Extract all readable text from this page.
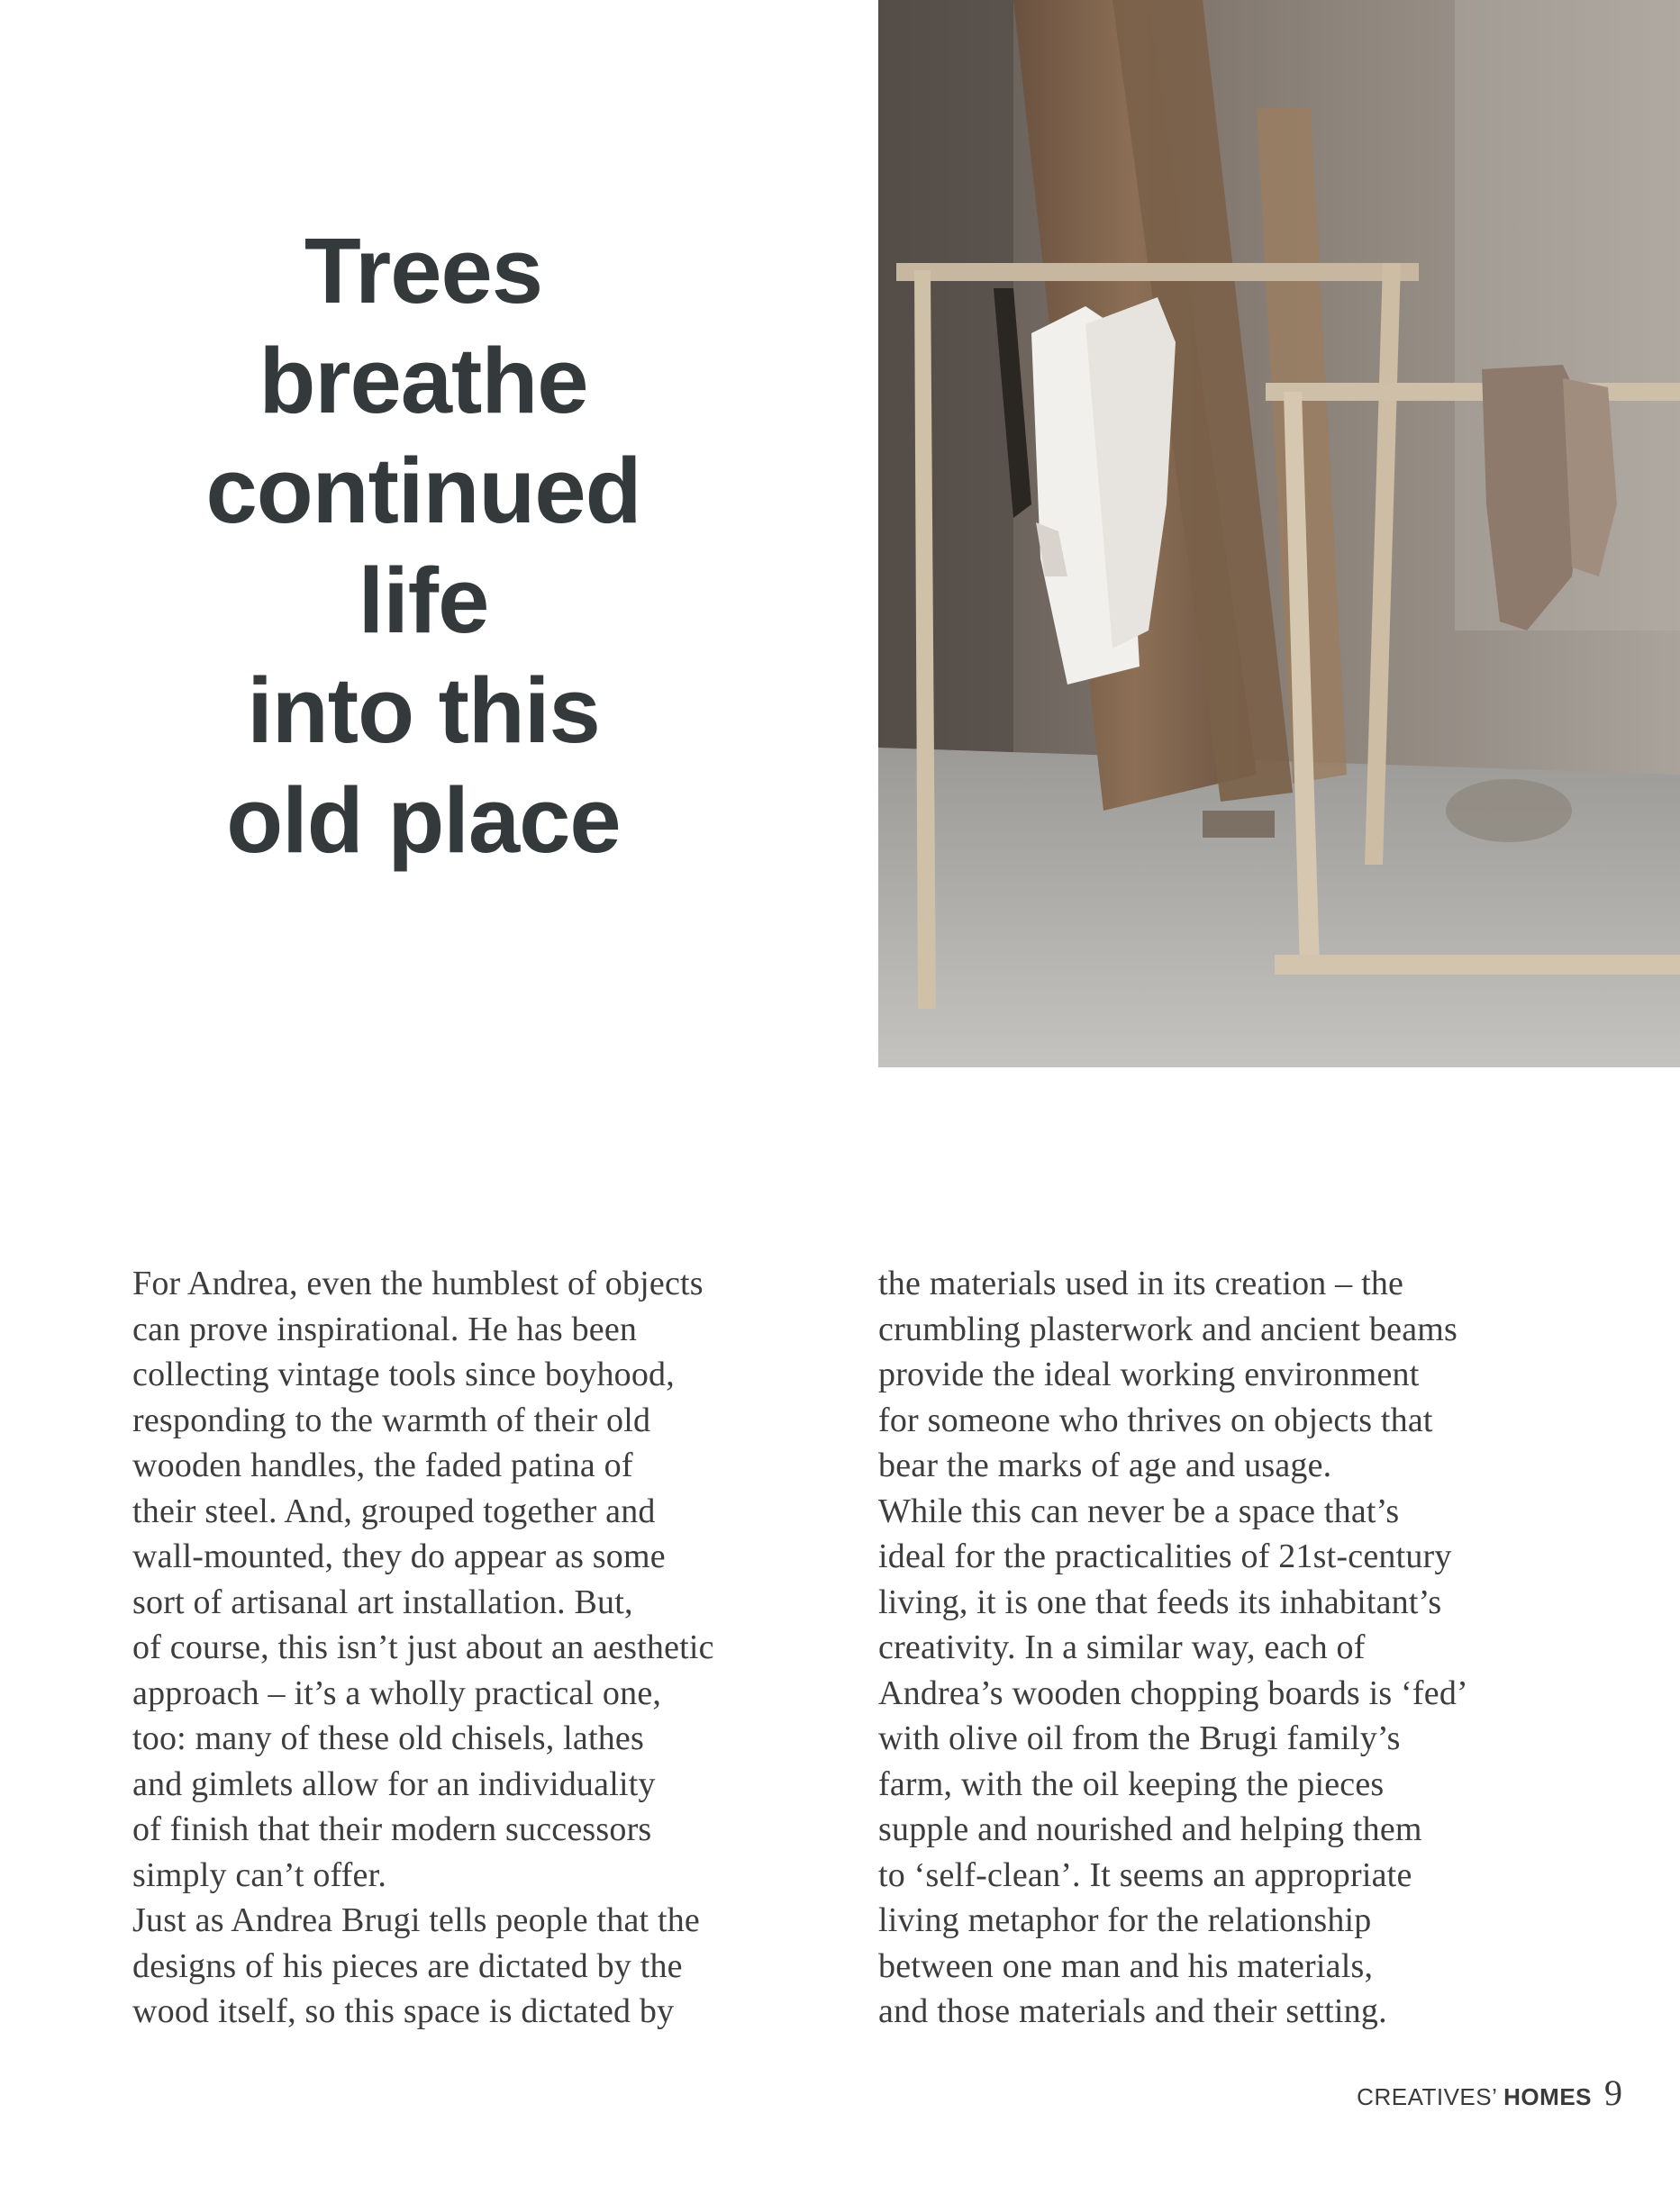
Trees
breathe
continued
life
into this
old place
For Andrea, even the humblest of objects
can prove inspirational. He has been
collecting vintage tools since boyhood,
responding to the warmth of their old
wooden handles, the faded patina of
their steel. And, grouped together and
wall-mounted, they do appear as some
sort of artisanal art installation. But,
of course, this isn’t just about an aesthetic
approach – it’s a wholly practical one,
too: many of these old chisels, lathes
and gimlets allow for an individuality
of finish that their modern successors
simply can’t offer.
Just as Andrea Brugi tells people that the
designs of his pieces are dictated by the
wood itself, so this space is dictated by
the materials used in its creation – the
crumbling plasterwork and ancient beams
provide the ideal working environment
for someone who thrives on objects that
bear the marks of age and usage.
While this can never be a space that’s
ideal for the practicalities of 21st-century
living, it is one that feeds its inhabitant’s
creativity. In a similar way, each of
Andrea’s wooden chopping boards is ‘fed’
with olive oil from the Brugi family’s
farm, with the oil keeping the pieces
supple and nourished and helping them
to ‘self-clean’. It seems an appropriate
living metaphor for the relationship
between one man and his materials,
and those materials and their setting.
CREATIVES’ HOMES 9
